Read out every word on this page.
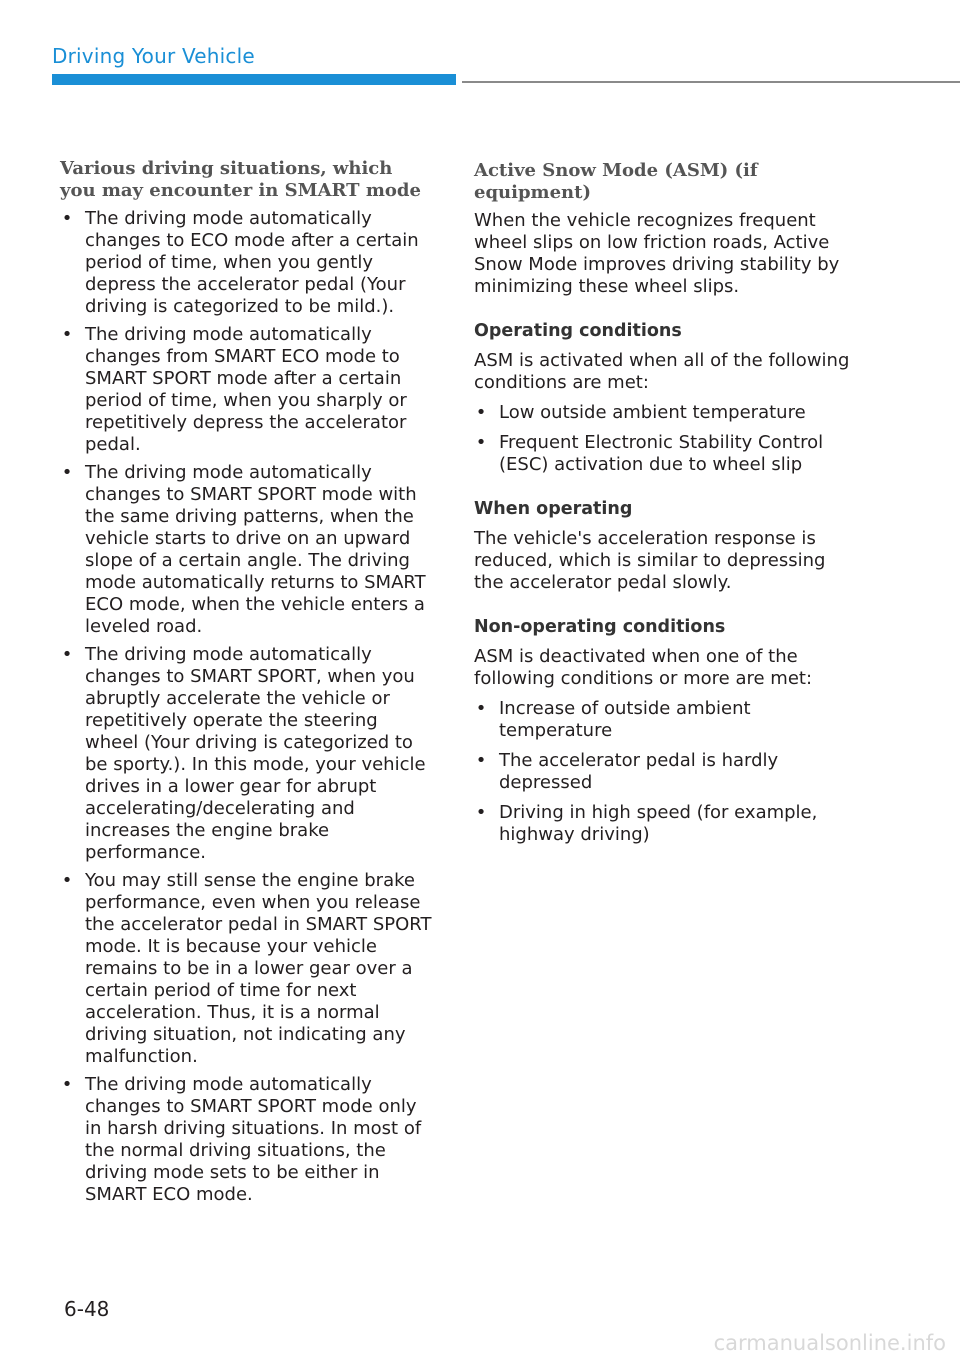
Driving Your Vehicle
Various driving situations, which you may encounter in SMART mode
• The driving mode automatically changes to ECO mode after a certain period of time, when you gently depress the accelerator pedal (Your driving is categorized to be mild.).
• The driving mode automatically changes from SMART ECO mode to SMART SPORT mode after a certain period of time, when you sharply or repetitively depress the accelerator pedal.
• The driving mode automatically changes to SMART SPORT mode with the same driving patterns, when the vehicle starts to drive on an upward slope of a certain angle. The driving mode automatically returns to SMART ECO mode, when the vehicle enters a leveled road.
• The driving mode automatically changes to SMART SPORT, when you abruptly accelerate the vehicle or repetitively operate the steering wheel (Your driving is categorized to be sporty.). In this mode, your vehicle drives in a lower gear for abrupt accelerating/decelerating and increases the engine brake performance.
• You may still sense the engine brake performance, even when you release the accelerator pedal in SMART SPORT mode. It is because your vehicle remains to be in a lower gear over a certain period of time for next acceleration. Thus, it is a normal driving situation, not indicating any malfunction.
• The driving mode automatically changes to SMART SPORT mode only in harsh driving situations. In most of the normal driving situations, the driving mode sets to be either in SMART ECO mode.
Active Snow Mode (ASM) (if equipment)

When the vehicle recognizes frequent wheel slips on low friction roads, Active Snow Mode improves driving stability by minimizing these wheel slips.

Operating conditions

ASM is activated when all of the following conditions are met:

• Low outside ambient temperature
• Frequent Electronic Stability Control (ESC) activation due to wheel slip
When operating

The vehicle's acceleration response is reduced, which is similar to depressing the accelerator pedal slowly.

Non-operating conditions

ASM is deactivated when one of the following conditions or more are met:

• Increase of outside ambient temperature
• The accelerator pedal is hardly depressed
• Driving in high speed (for example, highway driving)
6-48
carmanualsonline.info
